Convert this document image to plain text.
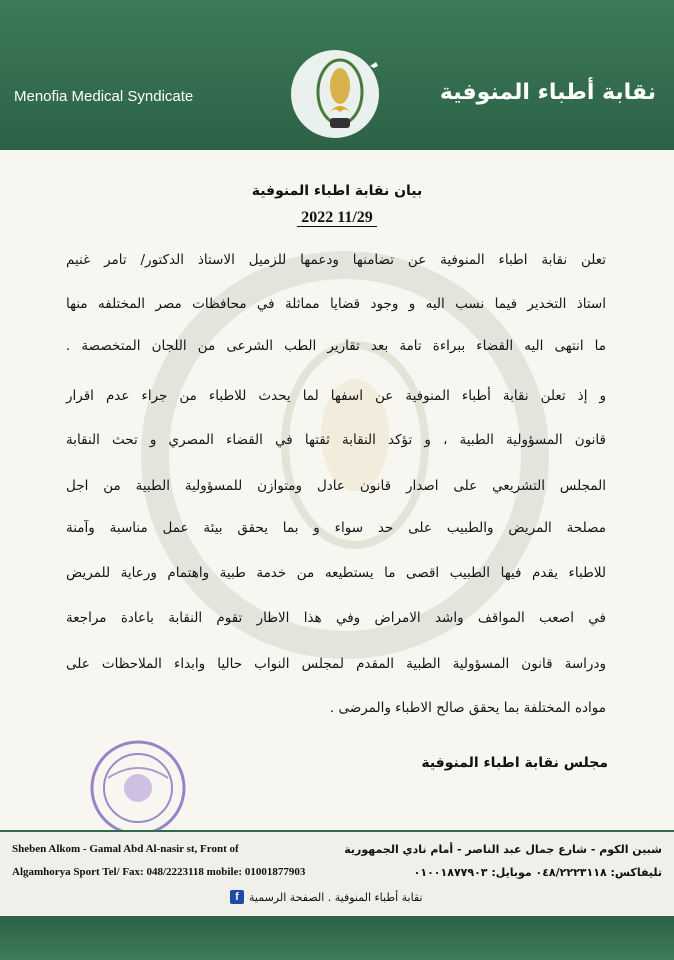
Menofia Medical Syndicate	نقابة أطباء المنوفية
بيان نقابة اطباء المنوفية
2022 11/29
تعلن نقابة اطباء المنوفية عن تضامنها ودعمها للزميل الاستاذ الدكتور/ تامر غنيم
استاذ التخدير فيما نسب اليه و وجود قضايا مماثلة في محافظات مصر المختلفه منها
ما انتهى اليه القضاء ببراءة تامة بعد تقارير الطب الشرعى من اللجان المتخصصة .
و إذ تعلن نقابة أطباء المنوفية عن اسفها لما يحدث للاطباء من جراء عدم اقرار
قانون المسؤولية الطبية ، و تؤكد النقابة ثقتها في القضاء المصري و تحث النقابة
المجلس التشريعي على اصدار قانون عادل ومتوازن للمسؤولية الطبية من اجل
مصلحة المريض والطبيب على حد سواء و بما يحقق بيئة عمل مناسبة وآمنة
للاطباء يقدم فيها الطبيب اقصى ما يستطيعه من خدمة طبية واهتمام ورعاية للمريض
في اصعب المواقف واشد الامراض وفي هذا الاطار تقوم النقابة باعادة مراجعة
ودراسة قانون المسؤولية الطبية المقدم لمجلس النواب حاليا وابداء الملاحظات على
مواده المختلفة بما يحقق صالح الاطباء والمرضى .
مجلس نقابة اطباء المنوفية
Sheben Alkom - Gamal Abd Al-nasir st, Front of
Algamhorya Sport Tel/ Fax: 048/2223118 mobile: 01001877903
شبين الكوم - شارع جمال عبد الناصر - أمام نادي الجمهورية
تليفاكس: ٠٤٨/٢٢٢٣١١٨ موبايل: ٠١٠٠١٨٧٧٩٠٣
نقابة أطباء المنوفية . الصفحة الرسمية
f
